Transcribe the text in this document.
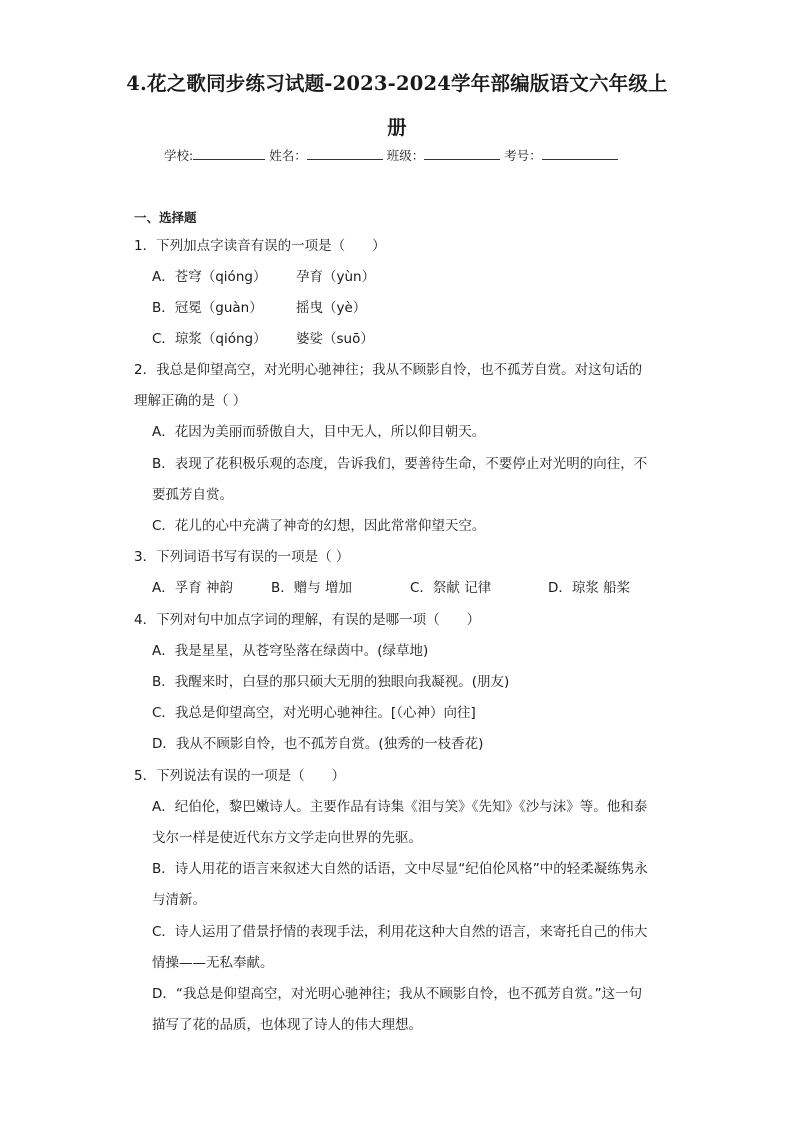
4.花之歌同步练习试题-2023-2024学年部编版语文六年级上
册
学校:	姓名：	班级：	考号：
一、选择题
1．下列加点字读音有误的一项是（　　）
A．苍穹（qióng） 孕育（yùn）
B．冠冕（guàn） 摇曳（yè）
C．琼浆（qióng） 婆娑（suō）
2．我总是仰望高空，对光明心驰神往；我从不顾影自怜，也不孤芳自赏。对这句话的
理解正确的是（ ）
A．花因为美丽而骄傲自大，目中无人，所以仰目朝天。
B．表现了花积极乐观的态度，告诉我们，要善待生命，不要停止对光明的向往，不
要孤芳自赏。
C．花儿的心中充满了神奇的幻想，因此常常仰望天空。
3．下列词语书写有误的一项是（ ）
A．孚育 神韵	B．赠与 增加	C．祭献 记律	D．琼浆 船桨
4．下列对句中加点字词的理解，有误的是哪一项（　　）
A．我是星星，从苍穹坠落在绿茵中。(绿草地)
B．我醒来时，白昼的那只硕大无朋的独眼向我凝视。(朋友)
C．我总是仰望高空，对光明心驰神往。[（心神）向往]
D．我从不顾影自怜，也不孤芳自赏。(独秀的一枝香花)
5．下列说法有误的一项是（　　）
A．纪伯伦，黎巴嫩诗人。主要作品有诗集《泪与笑》《先知》《沙与沫》等。他和泰
戈尔一样是使近代东方文学走向世界的先驱。
B．诗人用花的语言来叙述大自然的话语，文中尽显“纪伯伦风格”中的轻柔凝练隽永
与清新。
C．诗人运用了借景抒情的表现手法，利用花这种大自然的语言，来寄托自己的伟大
情操——无私奉献。
D．“我总是仰望高空，对光明心驰神往；我从不顾影自怜，也不孤芳自赏。”这一句
描写了花的品质，也体现了诗人的伟大理想。
